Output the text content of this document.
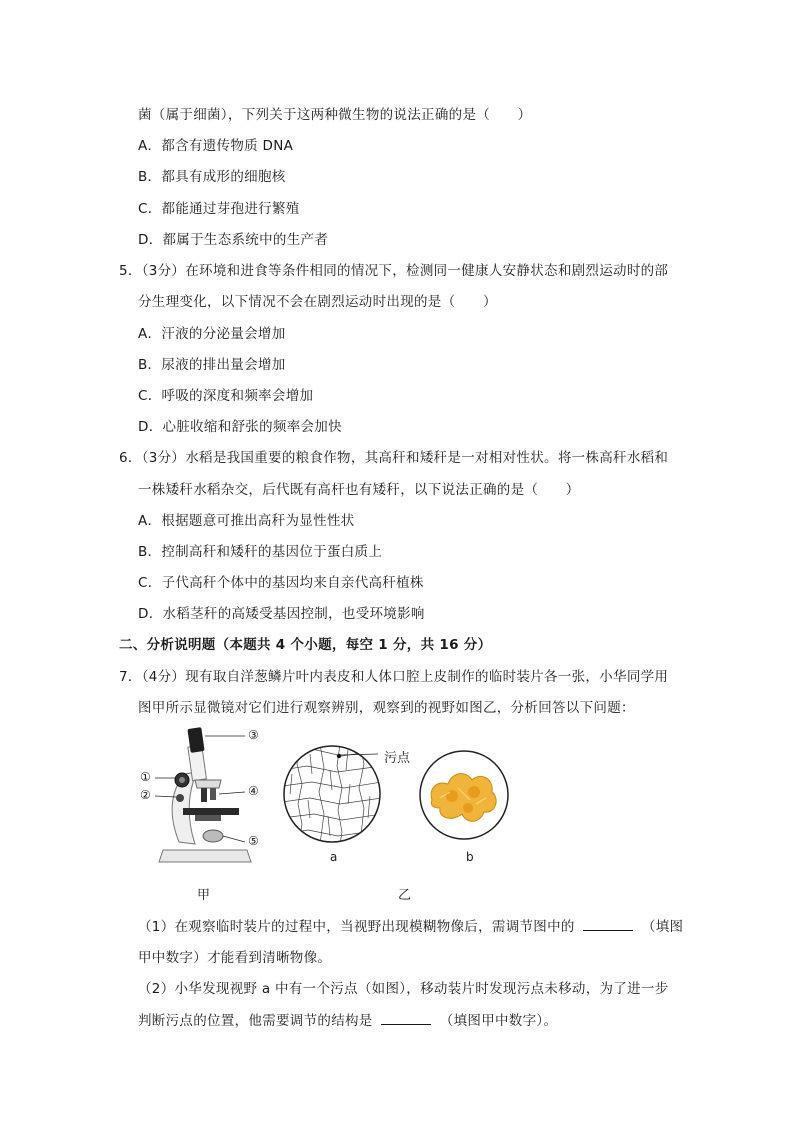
菌（属于细菌），下列关于这两种微生物的说法正确的是（　　）
A．都含有遗传物质 DNA
B．都具有成形的细胞核
C．都能通过芽孢进行繁殖
D．都属于生态系统中的生产者
5．（3分）在环境和进食等条件相同的情况下，检测同一健康人安静状态和剧烈运动时的部
分生理变化，以下情况不会在剧烈运动时出现的是（　　）
A．汗液的分泌量会增加
B．尿液的排出量会增加
C．呼吸的深度和频率会增加
D．心脏收缩和舒张的频率会加快
6．（3分）水稻是我国重要的粮食作物，其高秆和矮秆是一对相对性状。将一株高秆水稻和
一株矮秆水稻杂交，后代既有高杆也有矮秆，以下说法正确的是（　　）
A．根据题意可推出高秆为显性性状
B．控制高秆和矮秆的基因位于蛋白质上
C．子代高秆个体中的基因均来自亲代高秆植株
D．水稻茎秆的高矮受基因控制，也受环境影响
二、分析说明题（本题共 4 个小题，每空 1 分，共 16 分）
7．（4分）现有取自洋葱鳞片叶内表皮和人体口腔上皮制作的临时装片各一张，小华同学用
图甲所示显微镜对它们进行观察辨别，观察到的视野如图乙，分析回答以下问题：
③
①
②	④
⑤
污点
a	b
甲	乙
（1）在观察临时装片的过程中，当视野出现模糊物像后，需调节图中的	（填图
甲中数字）才能看到清晰物像。
（2）小华发现视野 a 中有一个污点（如图），移动装片时发现污点未移动，为了进一步
判断污点的位置，他需要调节的结构是	（填图甲中数字）。
